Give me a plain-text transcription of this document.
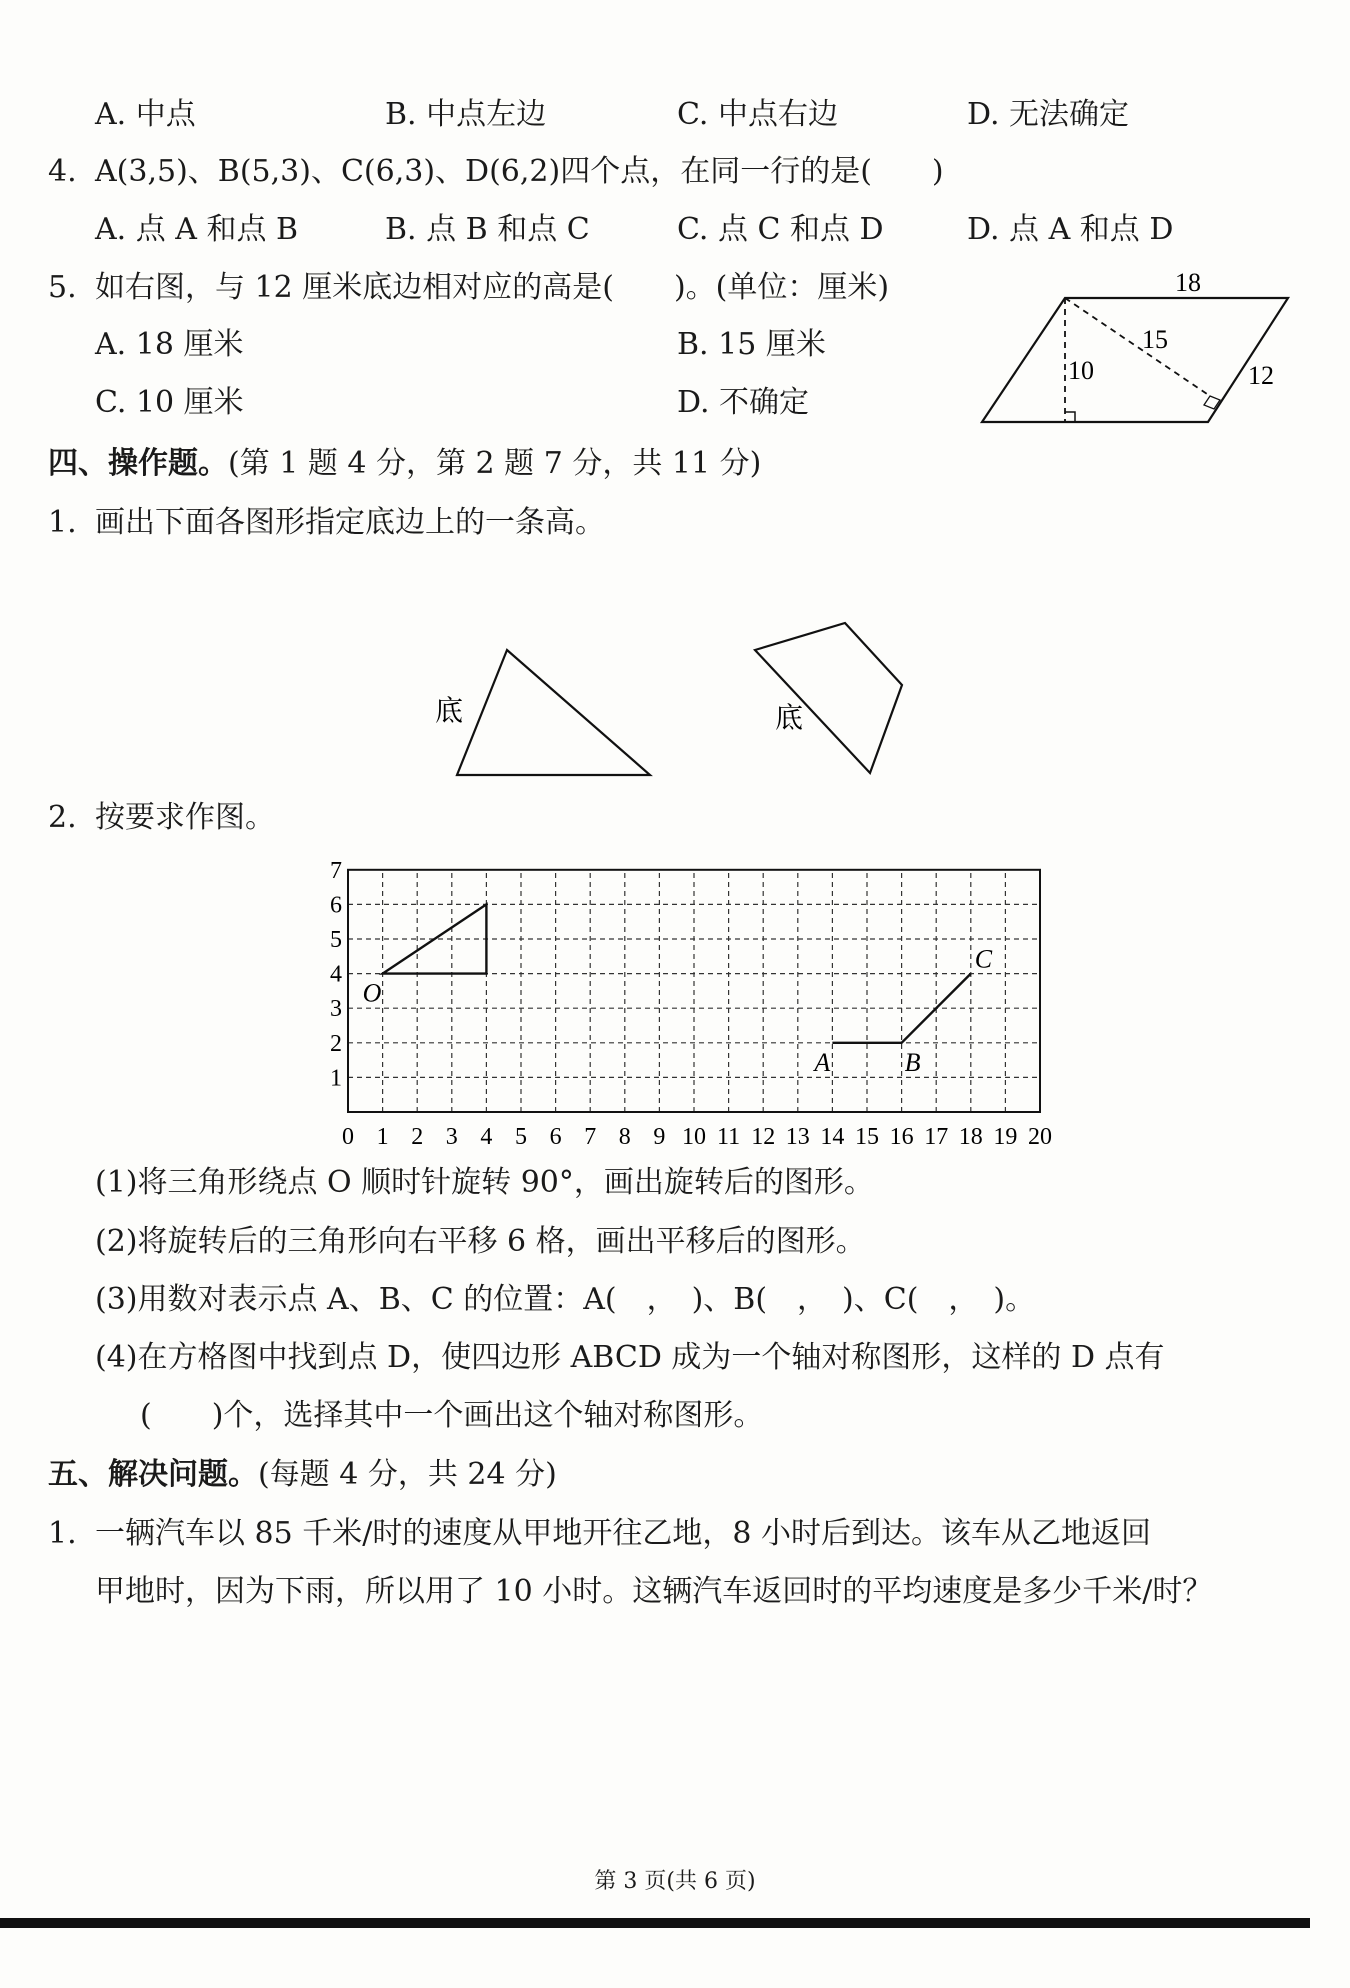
A. 中点	B. 中点左边	C. 中点右边	D. 无法确定
4. A(3,5)、B(5,3)、C(6,3)、D(6,2)四个点，在同一行的是(　　)
A. 点 A 和点 B	B. 点 B 和点 C	C. 点 C 和点 D	D. 点 A 和点 D
5. 如右图，与 12 厘米底边相对应的高是(　　)。(单位：厘米)
A. 18 厘米	B. 15 厘米
C. 10 厘米	D. 不确定
18
15
10	12
四、操作题。(第 1 题 4 分，第 2 题 7 分，共 11 分)
1. 画出下面各图形指定底边上的一条高。
底	底
2. 按要求作图。
0 1 2 3 4 5 6 7 8 9 10 11 12 13 14 15 16 17 18 19 20
1
2
3
4
5
6
7
O
A	B
C
(1)将三角形绕点 O 顺时针旋转 90°，画出旋转后的图形。
(2)将旋转后的三角形向右平移 6 格，画出平移后的图形。
(3)用数对表示点 A、B、C 的位置：A(　，　)、B(　，　)、C(　，　)。
(4)在方格图中找到点 D，使四边形 ABCD 成为一个轴对称图形，这样的 D 点有
(　　)个，选择其中一个画出这个轴对称图形。
五、解决问题。(每题 4 分，共 24 分)
1. 一辆汽车以 85 千米/时的速度从甲地开往乙地，8 小时后到达。该车从乙地返回
甲地时，因为下雨，所以用了 10 小时。这辆汽车返回时的平均速度是多少千米/时？
第 3 页(共 6 页)
